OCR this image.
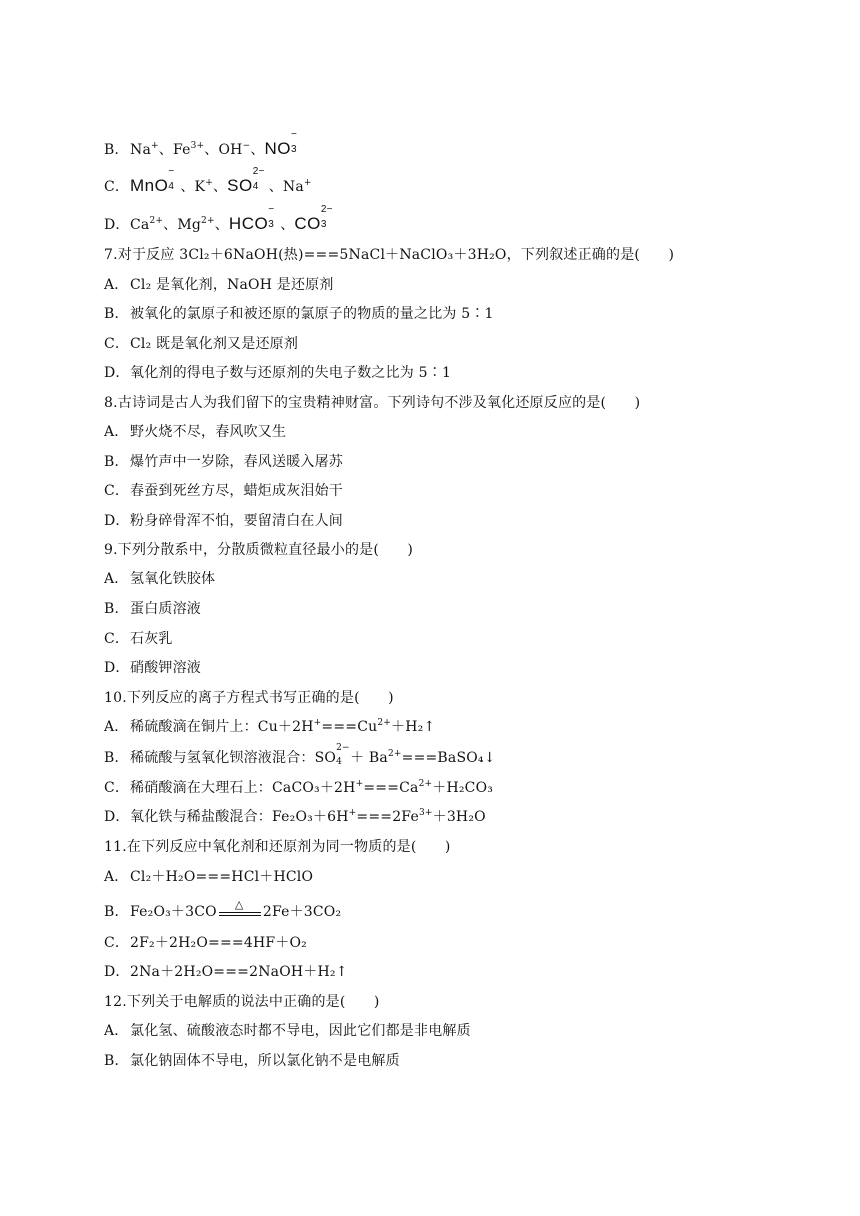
B．Na+、$Fe^{3+}$、OH−、NO
−
3
C．MnO
−
4 、K+、SO
2−
4 、Na+
D．$Ca^{2+}$、$Mg^{2+}$、HCO
−
3 、CO
2−
3
7.对于反应 3Cl₂＋6NaOH(热)===5NaCl＋NaClO₃＋3H₂O，下列叙述正确的是(　　)
A．Cl₂ 是氧化剂，NaOH 是还原剂
B．被氧化的氯原子和被还原的氯原子的物质的量之比为 5∶1
C．Cl₂ 既是氧化剂又是还原剂
D．氧化剂的得电子数与还原剂的失电子数之比为 5∶1
8.古诗词是古人为我们留下的宝贵精神财富。下列诗句不涉及氧化还原反应的是(　　)
A．野火烧不尽，春风吹又生
B．爆竹声中一岁除，春风送暖入屠苏
C．春蚕到死丝方尽，蜡炬成灰泪始干
D．粉身碎骨浑不怕，要留清白在人间
9.下列分散系中，分散质微粒直径最小的是(　　)
A．氢氧化铁胶体
B．蛋白质溶液
C．石灰乳
D．硝酸钾溶液
10.下列反应的离子方程式书写正确的是(　　)
A．稀硫酸滴在铜片上：$Cu+2H^+===Cu^{2+}+H_2↑$
B．稀硫酸与氢氧化钡溶液混合：SO
2−
$4 + Ba^{2+}===BaSO_4↓$
C．稀硝酸滴在大理石上：$CaCO_3+2H^+===Ca^{2+}+H_2CO_3$
D．氧化铁与稀盐酸混合：$Fe_2O_3+6H^+===2Fe^{3+}+3H_2O$
11.在下列反应中氧化剂和还原剂为同一物质的是(　　)
A．Cl₂＋H₂O===HCl＋HClO
B．Fe₂O₃＋3CO △ 2Fe＋3CO₂
C．2F₂＋2H₂O===4HF＋O₂
D．2Na＋2H₂O===2NaOH＋H₂↑
12.下列关于电解质的说法中正确的是(　　)
A．氯化氢、硫酸液态时都不导电，因此它们都是非电解质
B．氯化钠固体不导电，所以氯化钠不是电解质
